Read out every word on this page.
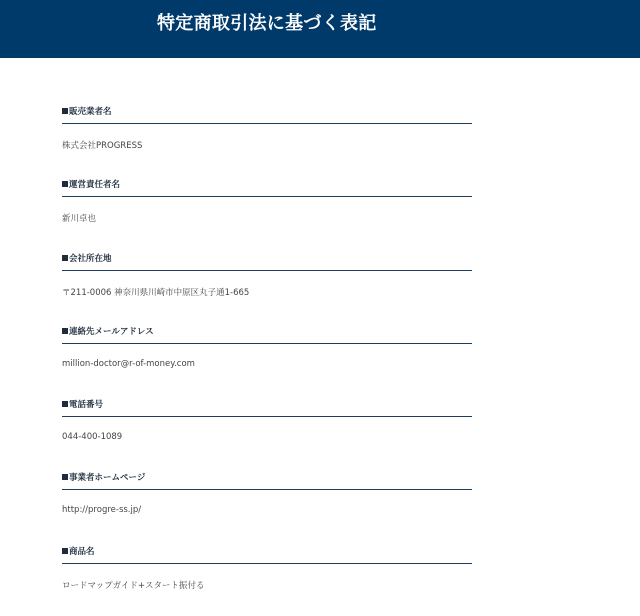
特定商取引法に基づく表記
販売業者名
株式会社PROGRESS
運営責任者名
新川卓也
会社所在地
〒211-0006 神奈川県川崎市中原区丸子通1-665
連絡先メールアドレス
million-doctor@r-of-money.com
電話番号
044-400-1089
事業者ホームページ
http://progre-ss.jp/
商品名
ロードマップガイド+スタート振付る
